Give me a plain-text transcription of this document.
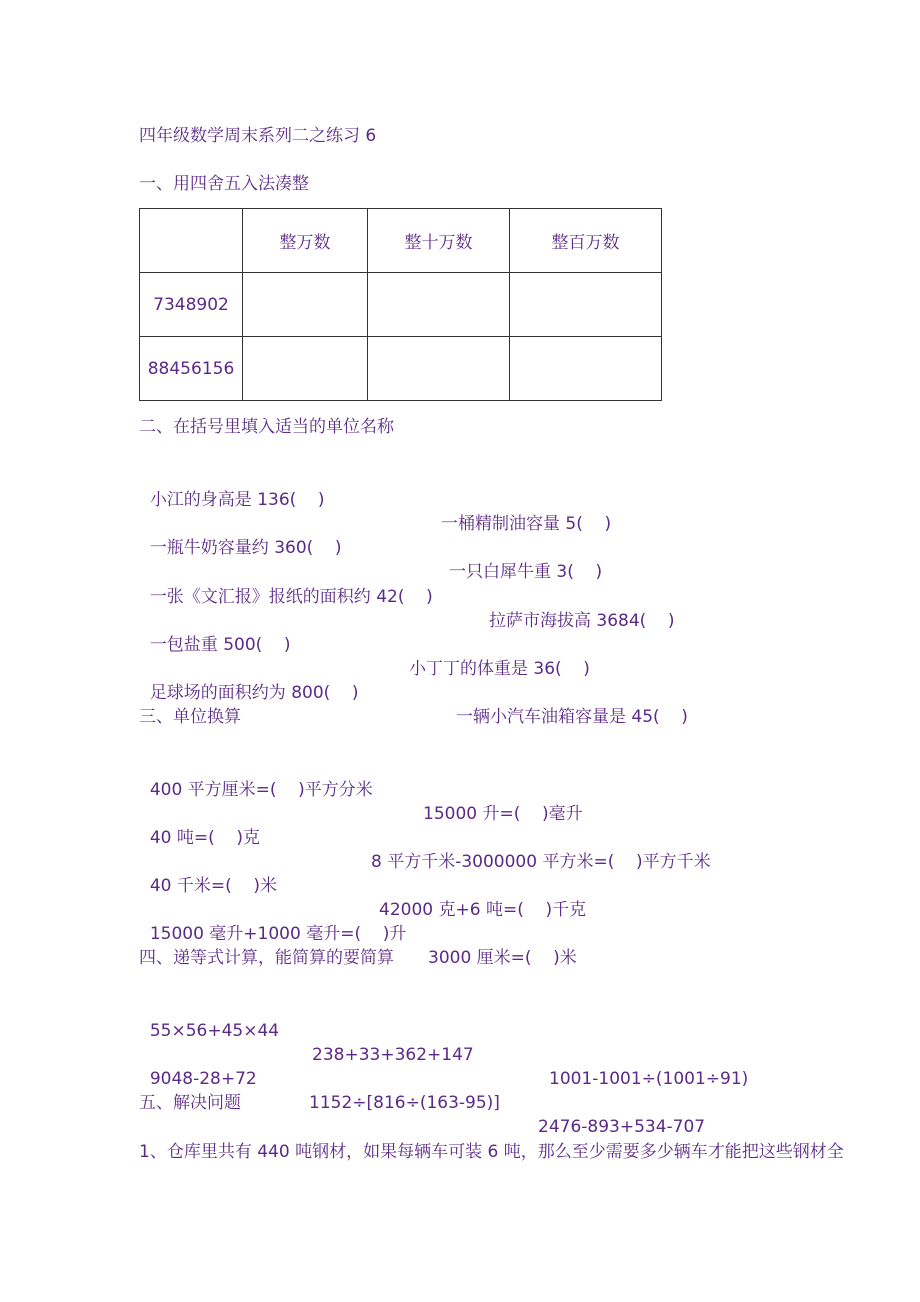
四年级数学周末系列二之练习 6
一、用四舍五入法凑整
	整万数	整十万数	整百万数
7348902			
88456156			
二、在括号里填入适当的单位名称

小江的身高是 136(    )

一桶精制油容量 5(    )

一瓶牛奶容量约 360(    )

一只白犀牛重 3(    )

一张《文汇报》报纸的面积约 42(    )

拉萨市海拔高 3684(    )

一包盐重 500(    )

小丁丁的体重是 36(    )

足球场的面积约为 800(    )

一辆小汽车油箱容量是 45(    )

三、单位换算

400 平方厘米=(    )平方分米

15000 升=(    )毫升

40 吨=(    )克

8 平方千米-3000000 平方米=(    )平方千米

40 千米=(    )米

42000 克+6 吨=(    )千克

15000 毫升+1000 毫升=(    )升

3000 厘米=(    )米

四、递等式计算，能简算的要简算

55×56+45×44

238+33+362+147

1001-1001÷(1001÷91)

9048-28+72

1152÷[816÷(163-95)]

2476-893+534-707

五、解决问题
1、仓库里共有 440 吨钢材，如果每辆车可装 6 吨，那么至少需要多少辆车才能把这些钢材全
